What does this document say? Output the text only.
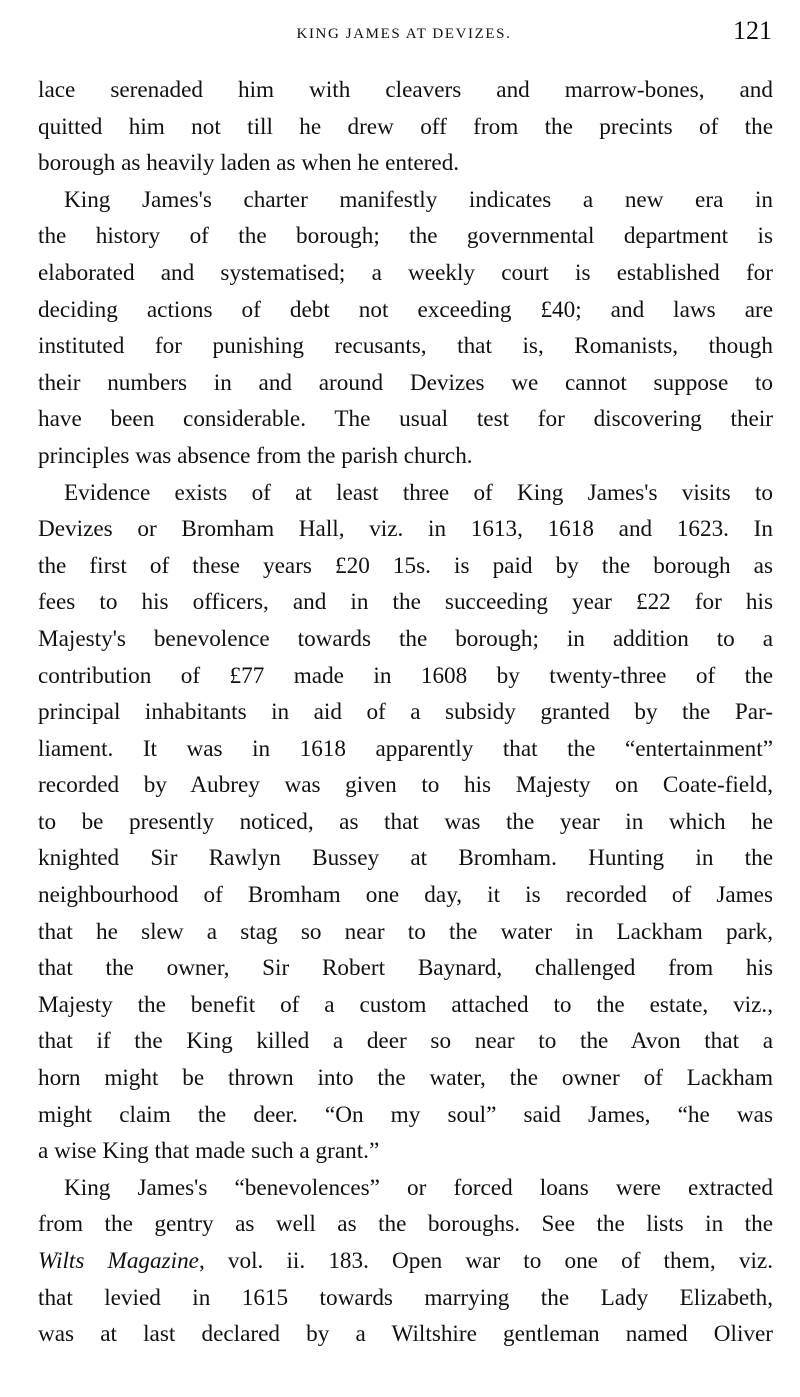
KING JAMES AT DEVIZES.	121
lace serenaded him with cleavers and marrow-bones, and
quitted him not till he drew off from the precints of the
borough as heavily laden as when he entered.
King James's charter manifestly indicates a new era in
the history of the borough; the governmental department is
elaborated and systematised; a weekly court is established for
deciding actions of debt not exceeding £40; and laws are
instituted for punishing recusants, that is, Romanists, though
their numbers in and around Devizes we cannot suppose to
have been considerable. The usual test for discovering their
principles was absence from the parish church.
Evidence exists of at least three of King James's visits to
Devizes or Bromham Hall, viz. in 1613, 1618 and 1623. In
the first of these years £20 15s. is paid by the borough as
fees to his officers, and in the succeeding year £22 for his
Majesty's benevolence towards the borough; in addition to a
contribution of £77 made in 1608 by twenty-three of the
principal inhabitants in aid of a subsidy granted by the Par-
liament. It was in 1618 apparently that the “entertainment”
recorded by Aubrey was given to his Majesty on Coate-field,
to be presently noticed, as that was the year in which he
knighted Sir Rawlyn Bussey at Bromham. Hunting in the
neighbourhood of Bromham one day, it is recorded of James
that he slew a stag so near to the water in Lackham park,
that the owner, Sir Robert Baynard, challenged from his
Majesty the benefit of a custom attached to the estate, viz.,
that if the King killed a deer so near to the Avon that a
horn might be thrown into the water, the owner of Lackham
might claim the deer. “On my soul” said James, “he was
a wise King that made such a grant.”
King James's “benevolences” or forced loans were extracted
from the gentry as well as the boroughs. See the lists in the
Wilts Magazine, vol. ii. 183. Open war to one of them, viz.
that levied in 1615 towards marrying the Lady Elizabeth,
was at last declared by a Wiltshire gentleman named Oliver
